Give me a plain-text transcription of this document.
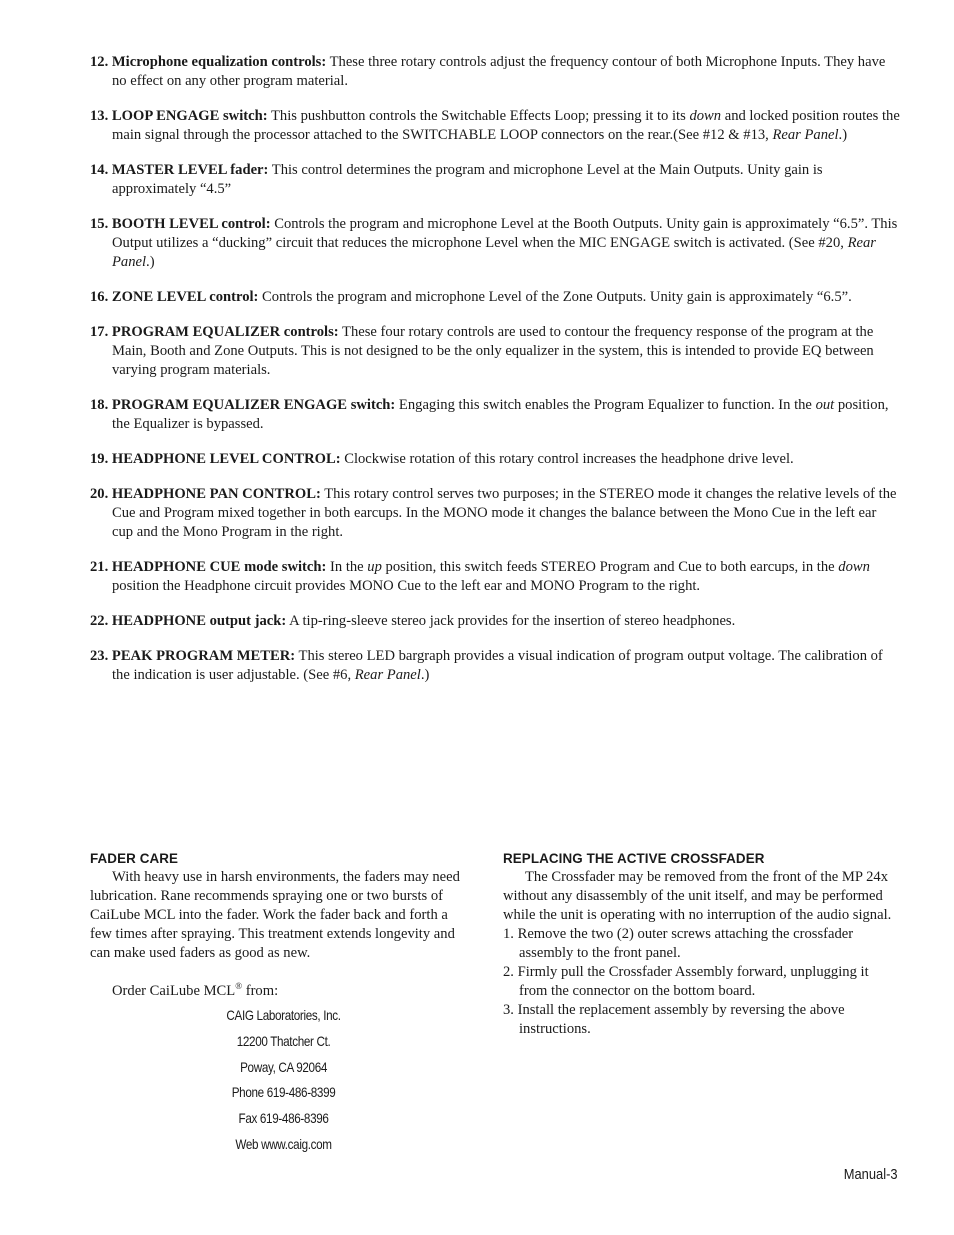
12. Microphone equalization controls: These three rotary controls adjust the frequency contour of both Microphone Inputs. They have no effect on any other program material.
13. LOOP ENGAGE switch: This pushbutton controls the Switchable Effects Loop; pressing it to its down and locked position routes the main signal through the processor attached to the SWITCHABLE LOOP connectors on the rear.(See #12 & #13, Rear Panel.)
14. MASTER LEVEL fader: This control determines the program and microphone Level at the Main Outputs. Unity gain is approximately “4.5”
15. BOOTH LEVEL control: Controls the program and microphone Level at the Booth Outputs. Unity gain is approximately “6.5”. This Output utilizes a “ducking” circuit that reduces the microphone Level when the MIC ENGAGE switch is activated. (See #20, Rear Panel.)
16. ZONE LEVEL control: Controls the program and microphone Level of the Zone Outputs. Unity gain is approximately “6.5”.
17. PROGRAM EQUALIZER controls: These four rotary controls are used to contour the frequency response of the program at the Main, Booth and Zone Outputs. This is not designed to be the only equalizer in the system, this is intended to provide EQ between varying program materials.
18. PROGRAM EQUALIZER ENGAGE switch: Engaging this switch enables the Program Equalizer to function. In the out position, the Equalizer is bypassed.
19. HEADPHONE LEVEL CONTROL: Clockwise rotation of this rotary control increases the headphone drive level.
20. HEADPHONE PAN CONTROL: This rotary control serves two purposes; in the STEREO mode it changes the relative levels of the Cue and Program mixed together in both earcups. In the MONO mode it changes the balance between the Mono Cue in the left ear cup and the Mono Program in the right.
21. HEADPHONE CUE mode switch: In the up position, this switch feeds STEREO Program and Cue to both earcups, in the down position the Headphone circuit provides MONO Cue to the left ear and MONO Program to the right.
22. HEADPHONE output jack: A tip-ring-sleeve stereo jack provides for the insertion of stereo headphones.
23. PEAK PROGRAM METER: This stereo LED bargraph provides a visual indication of program output voltage. The calibration of the indication is user adjustable. (See #6, Rear Panel.)
FADER CARE
With heavy use in harsh environments, the faders may need lubrication. Rane recommends spraying one or two bursts of CaiLube MCL into the fader. Work the fader back and forth a few times after spraying. This treatment extends longevity and can make used faders as good as new.
Order CaiLube MCL® from:
CAIG Laboratories, Inc.
12200 Thatcher Ct.
Poway, CA 92064
Phone 619-486-8399
Fax 619-486-8396
Web www.caig.com
REPLACING THE ACTIVE CROSSFADER
The Crossfader may be removed from the front of the MP 24x without any disassembly of the unit itself, and may be performed while the unit is operating with no interruption of the audio signal.
1. Remove the two (2) outer screws attaching the crossfader assembly to the front panel.
2. Firmly pull the Crossfader Assembly forward, unplugging it from the connector on the bottom board.
3. Install the replacement assembly by reversing the above instructions.
Manual-3
